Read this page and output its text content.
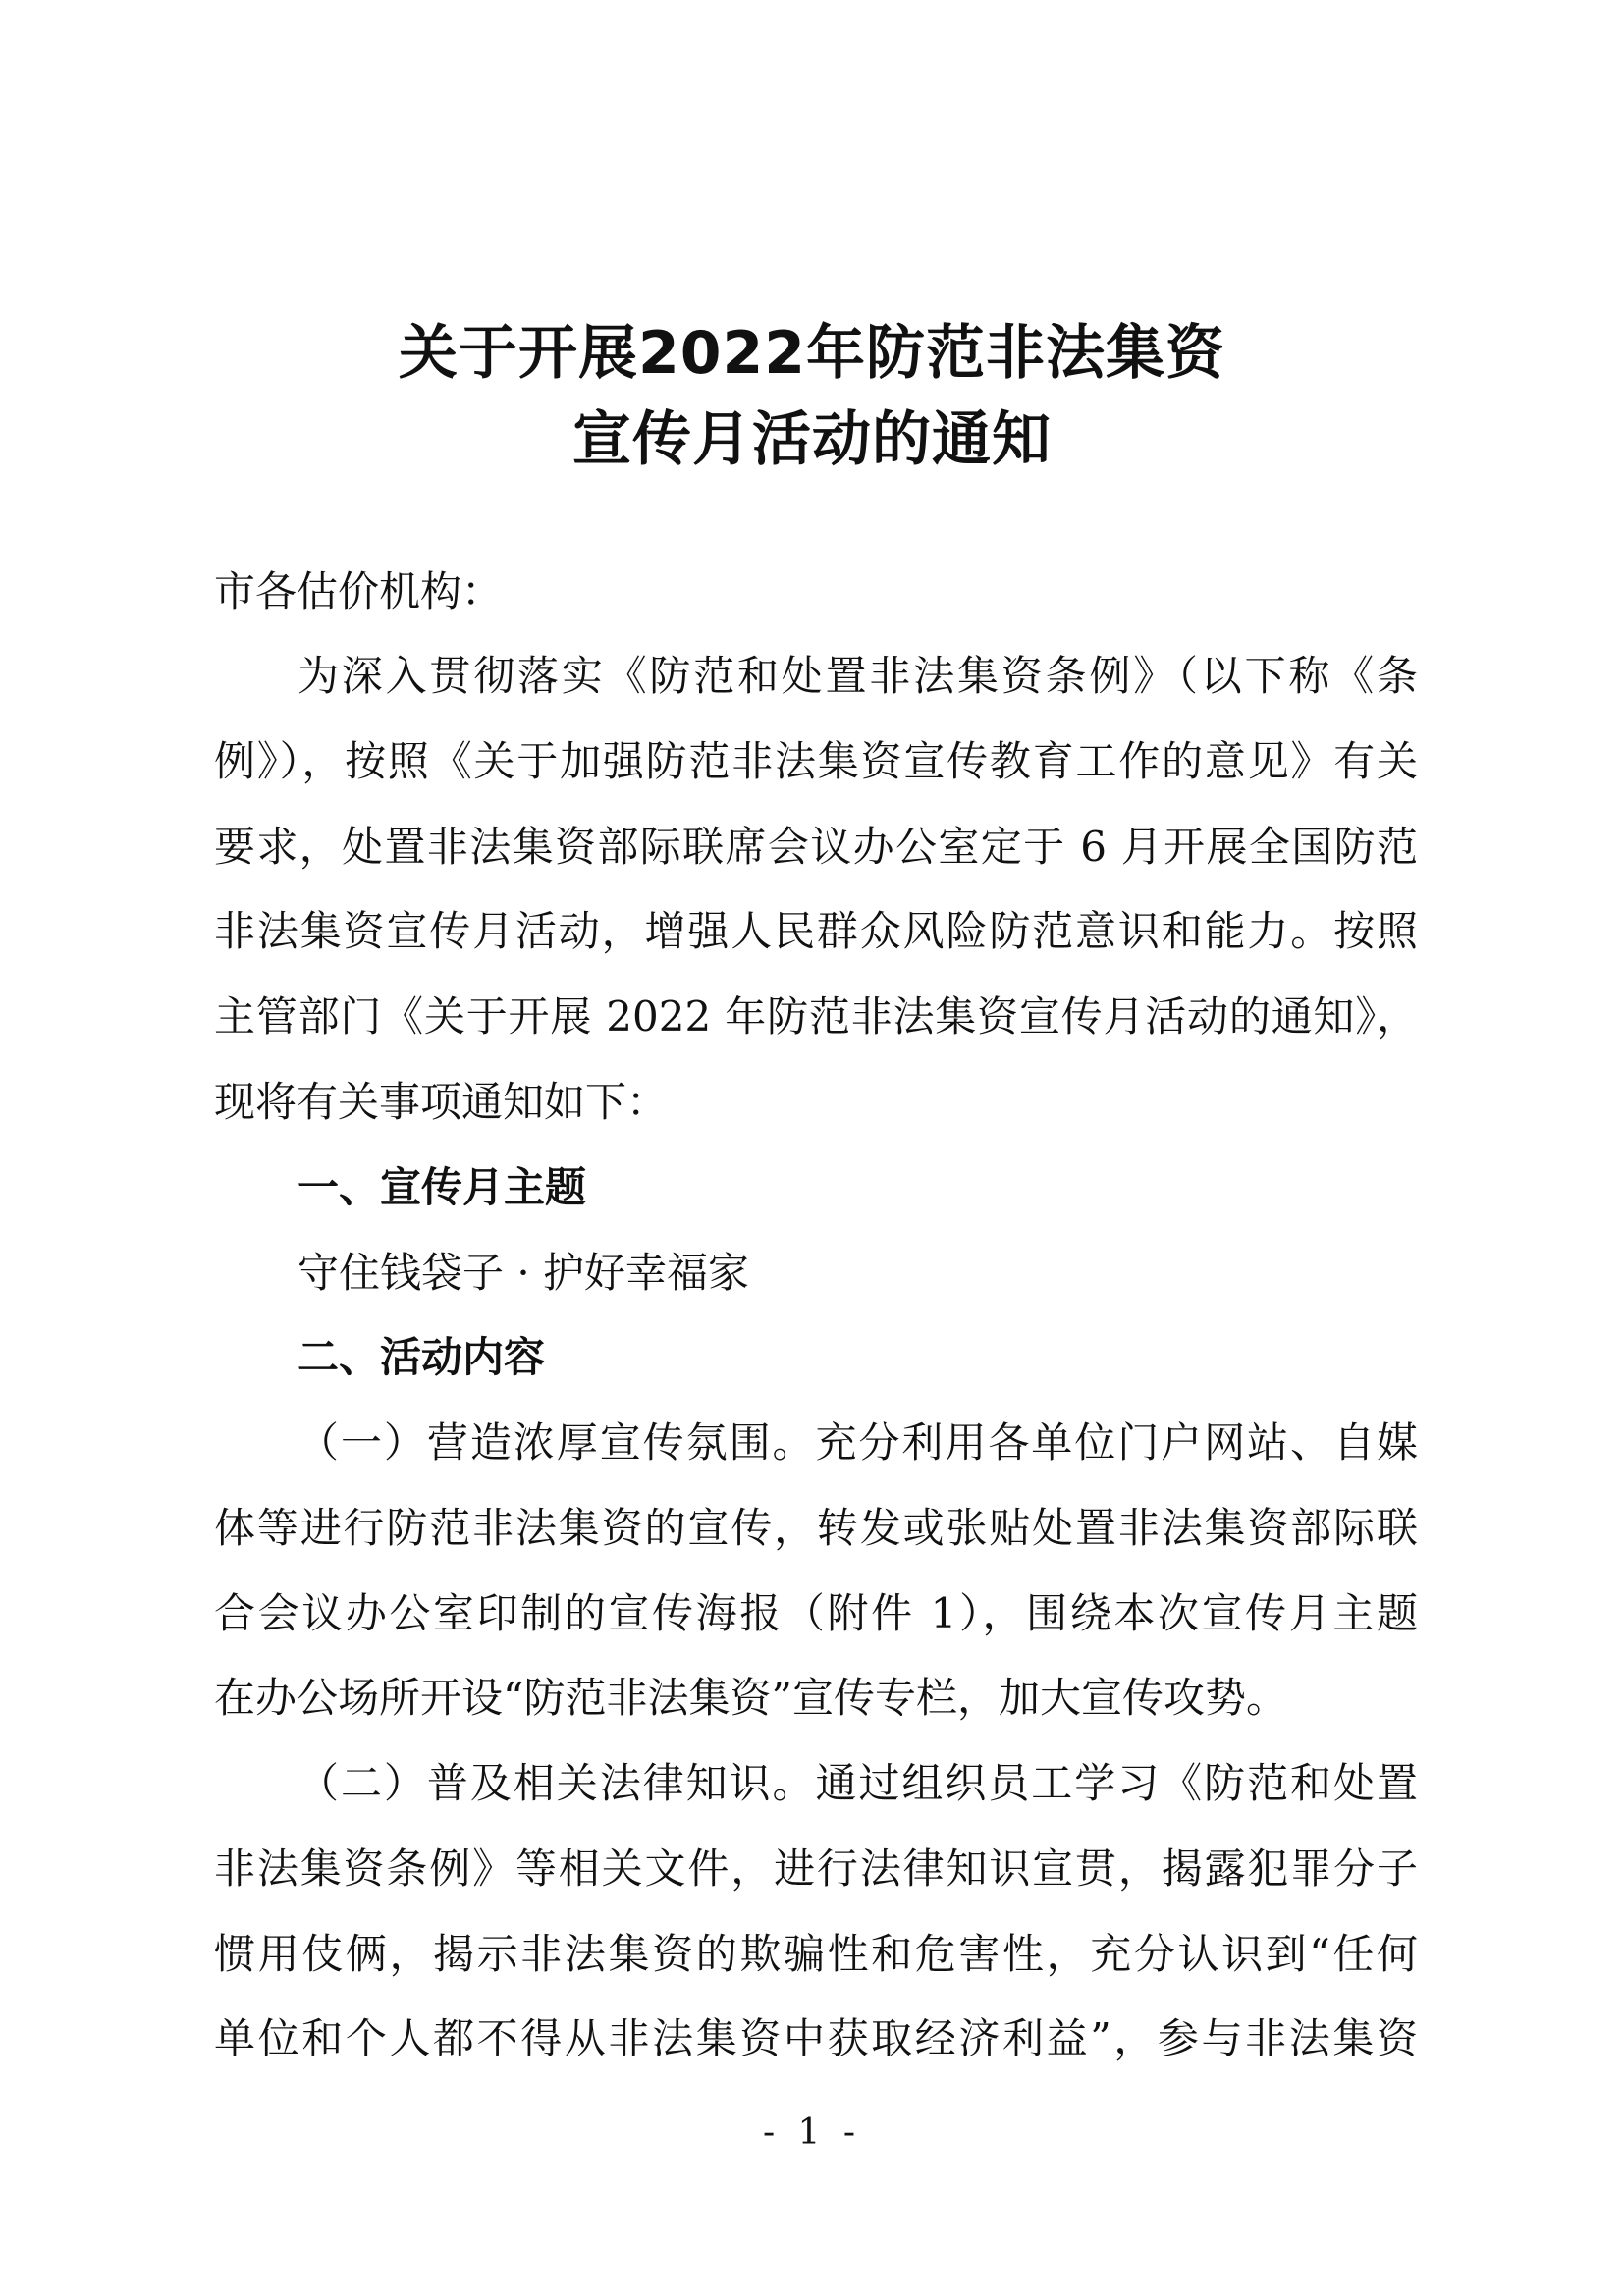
关于开展2022年防范非法集资
宣传月活动的通知
市各估价机构：
为深入贯彻落实《防范和处置非法集资条例》（以下称《条
例》），按照《关于加强防范非法集资宣传教育工作的意见》有关
要求，处置非法集资部际联席会议办公室定于 6 月开展全国防范
非法集资宣传月活动，增强人民群众风险防范意识和能力。按照
主管部门《关于开展 2022 年防范非法集资宣传月活动的通知》，
现将有关事项通知如下：
一、宣传月主题
守住钱袋子 · 护好幸福家
二、活动内容
（一）营造浓厚宣传氛围。充分利用各单位门户网站、自媒
体等进行防范非法集资的宣传，转发或张贴处置非法集资部际联
合会议办公室印制的宣传海报（附件 1），围绕本次宣传月主题
在办公场所开设“防范非法集资”宣传专栏，加大宣传攻势。
（二）普及相关法律知识。通过组织员工学习《防范和处置
非法集资条例》等相关文件，进行法律知识宣贯，揭露犯罪分子
惯用伎俩，揭示非法集资的欺骗性和危害性，充分认识到“任何
单位和个人都不得从非法集资中获取经济利益”，参与非法集资
- 1 -
